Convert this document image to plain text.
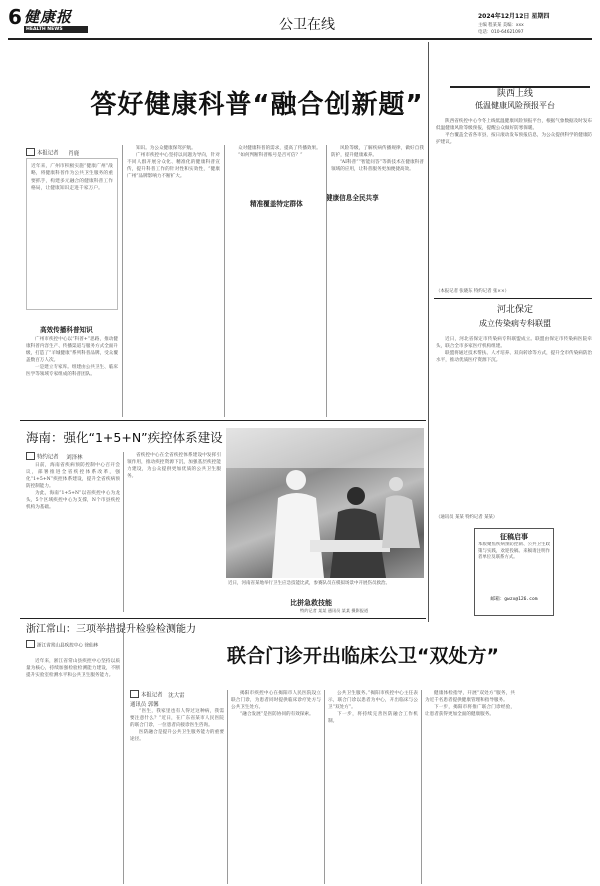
6 健康报
HEALTH NEWS	公卫在线
2024年12月12日 星期四
主编 程某某 美编：xxx
电话：010-64621097
答好健康科普“融合创新题”
本报记者 肖鹿
近年来，广州市积极实施“健康广州”战略，将健康科普作为公共卫生服务的重要抓手，构建多元融合的健康科普工作格局，让健康知识走进千家万户。
高效传播科普知识

广州市疾控中心以“科普+”思路，推动健康科普内容生产、传播渠道与服务方式全面升级，打造了“羊城健康”系列科普品牌，受众覆盖数百万人次。

一是建立专家库。组建由公共卫生、临床医学等领域专家组成的科普团队。

知识。为公众健康保驾护航。

广州市疾控中心坚持以问题为导向，针对不同人群开展分众化、精准化的健康科普宣传，提升科普工作的针对性和实效性，“健康广州”品牌影响力不断扩大。

精准覆盖特定群体

众对健康科普的需求，提高了传播效果。

“如何判断科普账号是否可信？”

健康信息全民共享

风险等级，了解疾病传播规律，做好自我防护，提升健康素养。

“AI科普”“智能问答”等新技术在健康科普领域的应用，让科普服务更加便捷高效。

海南：强化“1+5+N”疾控体系建设
特约记者 刘泽林

日前，海南省疾病预防控制中心召开会议，部署推进全省疾控体系改革，强化“1+5+N”疾控体系建设，提升全省疾病预防控制能力。

为此，海南“1+5+N”以省疾控中心为龙头，5个区域疾控中心为支撑，N个市县疾控机构为基础。

省疾控中心在全省疾控体系建设中发挥引领作用，推动疾控资源下沉，加强基层疾控能力建设，为公众提供更加优质的公共卫生服务。

近日，河南省某地举行卫生应急技能比武，参赛队员在模拟场景中开展伤员救治。
比拼急救技能
特约记者 某某 通讯员 某某 摄影报道
浙江常山：三项举措提升检验检测能力
浙江省常山县疾控中心 徐仙林

近年来，浙江省常山县疾控中心坚持以质量为核心，持续加强检验检测能力建设，不断提升实验室检测水平和公共卫生服务能力。

联合门诊开出临床公卫“双处方”
本报记者 沈大雷
通讯员 郭馨

“医生，我家里也有人得过这种病，我需要注意什么？”近日，在广东省某市人民医院的联合门诊，一位患者向接诊医生咨询。

医防融合是提升公共卫生服务能力的重要途径。

揭阳市疾控中心在揭阳市人民医院设立联合门诊，为患者同时提供临床诊疗处方与公共卫生处方。

“融合发展”是医防协同的有效探索。

公共卫生服务。”揭阳市疾控中心主任表示，联合门诊以患者为中心，开出临床与公卫“双处方”。

下一步，将持续完善医防融合工作机制。

健康体检指导，开展“双处方”服务，共为近千名患者提供健康管理和指导服务。

下一步，揭阳市将推广联合门诊经验，让患者获得更加全面的健康服务。

陕西上线
低温健康风险预报平台

陕西省疾控中心今冬上线低温健康风险预报平台，根据气象数据及时发布低温健康风险等级预报，提醒公众做好防寒保暖。

平台覆盖全省各市县，按日滚动发布预报信息，为公众提供科学的健康防护建议。

（本报记者 张晓东 特约记者 张××）
河北保定
成立传染病专科联盟

近日，河北省保定市传染病专科联盟成立。联盟由保定市传染病医院牵头，联合全市多家医疗机构组建。

联盟将通过技术帮扶、人才培养、双向转诊等方式，提升全市传染病防治水平，推动优质医疗资源下沉。

（通讯员 某某 特约记者 某某）
征稿启事
本版聚焦疾病预防控制、公共卫生政策与实践，欢迎投稿。来稿请注明作者单位及联系方式。
邮箱：gwzx@126.com
